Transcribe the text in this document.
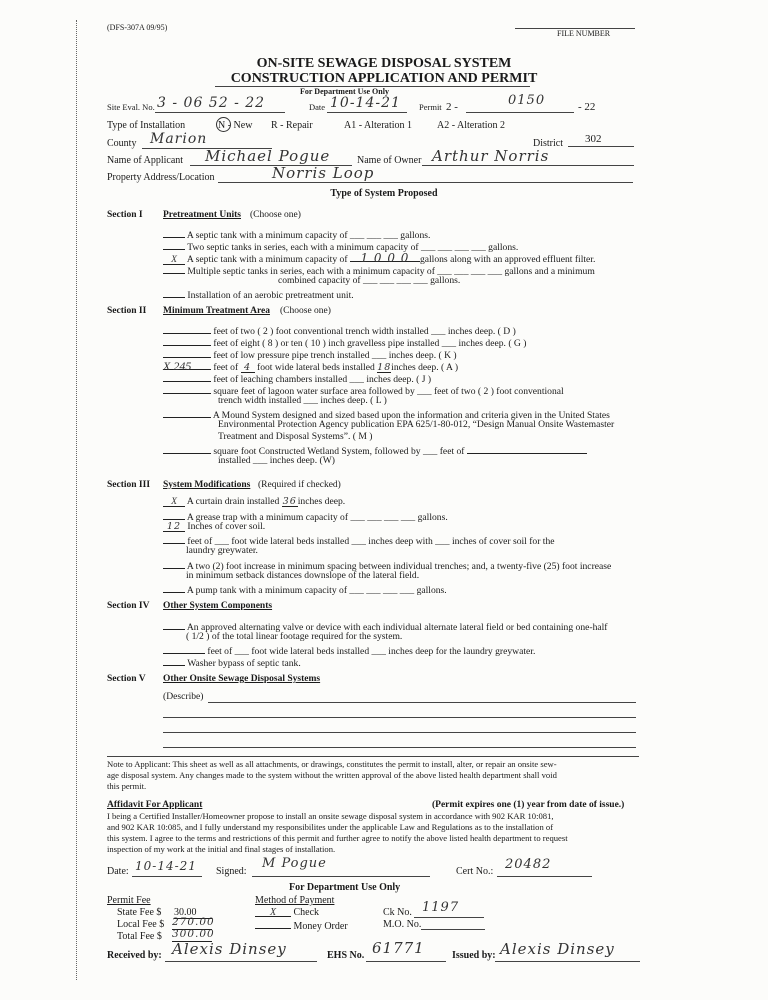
(DFS-307A 09/95)
FILE NUMBER
ON-SITE SEWAGE DISPOSAL SYSTEM
CONSTRUCTION APPLICATION AND PERMIT
For Department Use Only
Site Eval. No. 3 - 06 52 - 22	Date 10-14-21 Permit 2 -	0150	- 22
Type of Installation	N - New R - Repair	A1 - Alteration 1 A2 - Alteration 2
County Marion	District 302
Name of Applicant Michael Pogue	Name of Owner Arthur Norris
Property Address/Location	Norris Loop
Type of System Proposed
Section I Pretreatment Units (Choose one)
A septic tank with a minimum capacity of ___ ___ ___ gallons.
Two septic tanks in series, each with a minimum capacity of ___ ___ ___ ___ gallons.
X A septic tank with a minimum capacity of 1 0 0 0 gallons along with an approved effluent filter.
Multiple septic tanks in series, each with a minimum capacity of ___ ___ ___ ___ gallons and a minimum
combined capacity of ___ ___ ___ ___ gallons.
Installation of an aerobic pretreatment unit.
Section II Minimum Treatment Area (Choose one)
feet of two ( 2 ) foot conventional trench width installed ___ inches deep. ( D )
feet of eight ( 8 ) or ten ( 10 ) inch gravelless pipe installed ___ inches deep. ( G )
feet of low pressure pipe trench installed ___ inches deep. ( K )
X 245 feet of 4 foot wide lateral beds installed 18inches deep. ( A )
feet of leaching chambers installed ___ inches deep. ( J )
square feet of lagoon water surface area followed by ___ feet of two ( 2 ) foot conventional
trench width installed ___ inches deep. ( L )
A Mound System designed and sized based upon the information and criteria given in the United States
Environmental Protection Agency publication EPA 625/1-80-012, “Design Manual Onsite Wastemaster
Treatment and Disposal Systems”. ( M )
square foot Constructed Wetland System, followed by ___ feet of
installed ___ inches deep. (W)
Section III System Modifications (Required if checked)
X A curtain drain installed 36inches deep.
A grease trap with a minimum capacity of ___ ___ ___ ___ gallons.
12 Inches of cover soil.
feet of ___ foot wide lateral beds installed ___ inches deep with ___ inches of cover soil for the
laundry greywater.
A two (2) foot increase in minimum spacing between individual trenches; and, a twenty-five (25) foot increase
in minimum setback distances downslope of the lateral field.
A pump tank with a minimum capacity of ___ ___ ___ ___ gallons.
Section IV Other System Components
An approved alternating valve or device with each individual alternate lateral field or bed containing one-half
( 1/2 ) of the total linear footage required for the system.
feet of ___ foot wide lateral beds installed ___ inches deep for the laundry greywater.
Washer bypass of septic tank.
Section V Other Onsite Sewage Disposal Systems
(Describe)
Note to Applicant: This sheet as well as all attachments, or drawings, constitutes the permit to install, alter, or repair an onsite sew-
age disposal system. Any changes made to the system without the written approval of the above listed health department shall void
this permit.
Affidavit For Applicant	(Permit expires one (1) year from date of issue.)
I being a Certified Installer/Homeowner propose to install an onsite sewage disposal system in accordance with 902 KAR 10:081,
and 902 KAR 10:085, and I fully understand my responsibilites under the applicable Law and Regulations as to the installation of
this system. I agree to the terms and restrictions of this permit and further agree to notify the above listed health department to request
inspection of my work at the initial and final stages of installation.
Date: 10-14-21 Signed:
M Pogue
Cert No.: 20482
For Department Use Only
Permit Fee
State Fee $ 30.00
Local Fee $ 270.00
Total Fee $ 300.00
Method of Payment
X Check
Money Order
Ck No. 1197
M.O. No.
Received by: Alexis Dinsey	EHS No. 61771	Issued by: Alexis Dinsey
